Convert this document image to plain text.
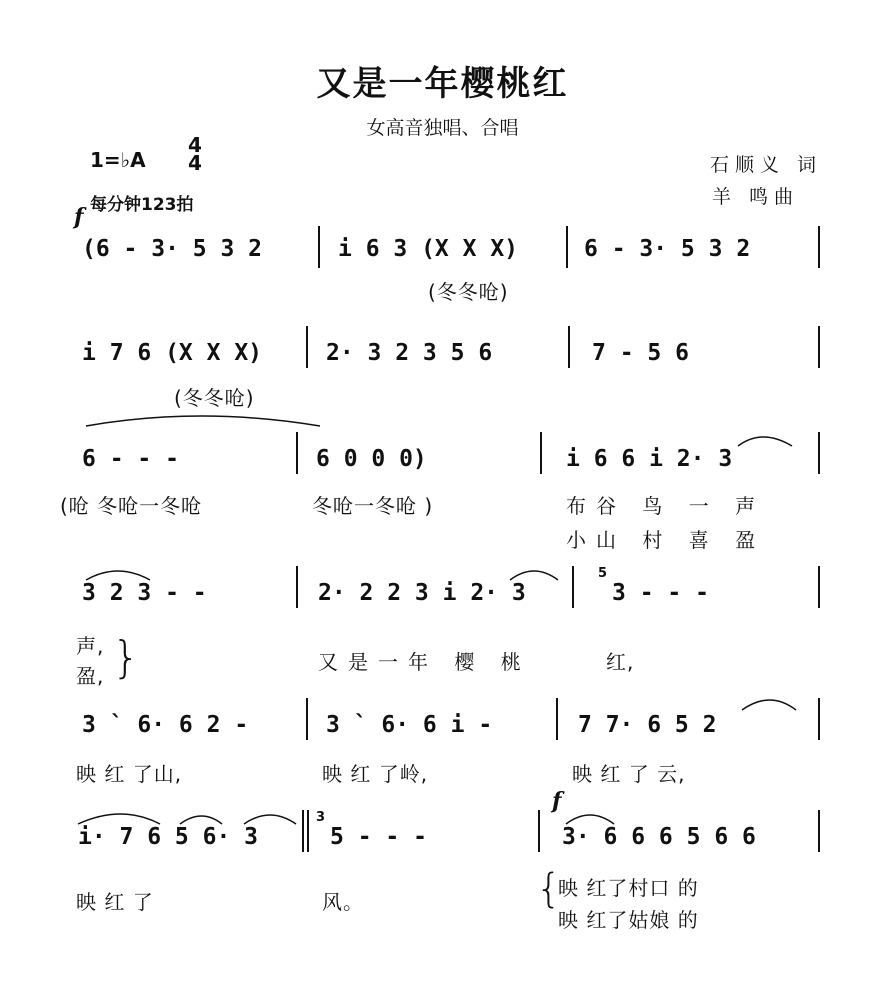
又是一年樱桃红
女高音独唱、合唱
1=♭A
4
4
每分钟123拍
石顺义 词
羊 鸣曲
f
(6 - 3· 5 3 2	i 6 3 (X X X)	6 - 3· 5 3 2
(冬冬呛)
i 7 6 (X X X)	2· 3 2 3 5 6	7 - 5 6
(冬冬呛)
6 - - -	6 0 0 0)	i 6 6 i 2· 3
(呛 冬呛一冬呛	冬呛一冬呛 )	布谷 鸟 一 声
小山 村 喜 盈
3 2 3 - -	2· 2 2 3 i 2· 3
5
3 - - -
声,
盈, }	又是一年 樱 桃	红,
3 ` 6· 6 2 -	3 ` 6· 6 i -	7 7· 6 5 2
映 红 了山,	映 红 了岭,	映 红 了 云,
i· 7 6 5 6· 3
3
5 - - -
f
3· 6 6 6 5 6 6
映 红 了	风。	{
映 红了村口 的
映 红了姑娘 的
